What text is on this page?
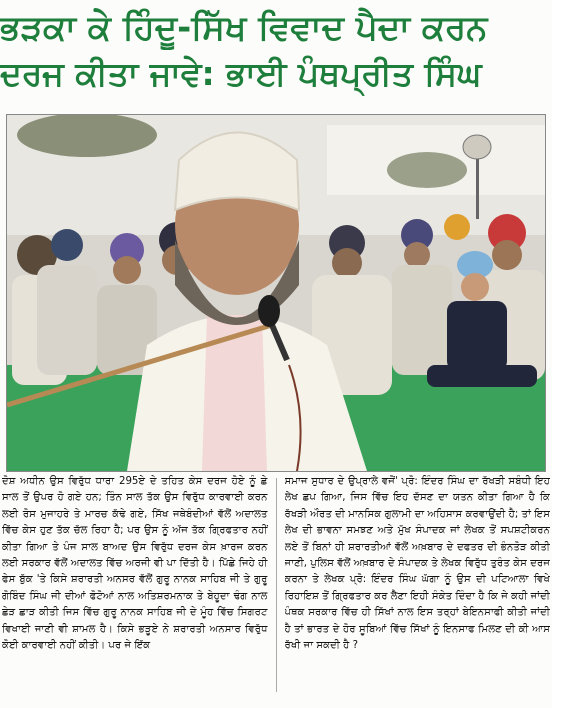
ਭੜਕਾ ਕੇ ਹਿੰਦੂ-ਸਿੱਖ ਵਿਵਾਦ ਪੈਦਾ ਕਰਨ
ਦਰਜ ਕੀਤਾ ਜਾਵੇ: ਭਾਈ ਪੰਥਪ੍ਰੀਤ ਸਿੰਘ
ਦੋਸ਼ ਅਧੀਨ ਉਸ ਵਿਰੁੱਧ ਧਾਰਾ 295ਏ ਦੇ ਤਹਿਤ ਕੇਸ ਦਰਜ ਹੋਏ ਨੂੰ ਛੇ ਸਾਲ ਤੋਂ ਉਪਰ ਹੋ ਗਏ ਹਨ; ਤਿੰਨ ਸਾਲ ਤੱਕ ਉਸ ਵਿਰੁੱਧ ਕਾਰਵਾਈ ਕਰਨ ਲਈ ਰੋਸ ਮੁਜਾਹਰੇ ਤੇ ਮਾਰਚ ਕੱਢੇ ਗਏ, ਸਿੱਖ ਜਥੇਬੰਦੀਆਂ ਵੱਲੋਂ ਅਦਾਲਤ ਵਿੱਚ ਕੇਸ ਹੁਣ ਤੱਕ ਚੱਲ ਰਿਹਾ ਹੈ; ਪਰ ਉਸ ਨੂੰ ਅੱਜ ਤੱਕ ਗ੍ਰਿਫਤਾਰ ਨਹੀਂ ਕੀਤਾ ਗਿਆ ਤੇ ਪੰਜ ਸਾਲ ਬਾਅਦ ਉਸ ਵਿਰੁੱਧ ਦਰਜ ਕੇਸ ਖ਼ਾਰਜ ਕਰਨ ਲਈ ਸਰਕਾਰ ਵੱਲੋਂ ਅਦਾਲਤ ਵਿੱਚ ਅਰਜੀ ਵੀ ਪਾ ਦਿੱਤੀ ਹੈ। ਪਿੱਛੇ ਜਿਹੇ ਹੀ ਫੇਸ ਬੁੱਕ 'ਤੇ ਕਿਸੇ ਸ਼ਰਾਰਤੀ ਅਨਸਰ ਵੱਲੋਂ ਗੁਰੂ ਨਾਨਕ ਸਾਹਿਬ ਜੀ ਤੇ ਗੁਰੂ ਗੋਬਿੰਦ ਸਿੰਘ ਜੀ ਦੀਆਂ ਫੋਟੋਆਂ ਨਾਲ ਅਤਿਸ਼ਰਮਨਾਕ ਤੇ ਬੇਹੂਦਾ ਢੰਗ ਨਾਲ ਛੇੜ ਛਾੜ ਕੀਤੀ ਜਿਸ ਵਿੱਚ ਗੁਰੂ ਨਾਨਕ ਸਾਹਿਬ ਜੀ ਦੇ ਮੂੰਹ ਵਿੱਚ ਸਿਗਰਟ ਵਿਖਾਈ ਜਾਣੀ ਵੀ ਸ਼ਾਮਲ ਹੈ। ਕਿਸੇ ਭੜੂਏ ਨੇ ਸ਼ਰਾਰਤੀ ਅਨਸਾਰ ਵਿਰੁੱਧ ਕੋਈ ਕਾਰਵਾਈ ਨਹੀਂ ਕੀਤੀ। ਪਰ ਜੇ ਇੱਕ
ਸਮਾਜ ਸੁਧਾਰ ਦੇ ਉਪ੍ਰਾਲੇ ਵਜੋਂ' ਪ੍ਰੋ: ਇੰਦਰ ਸਿੰਘ ਦਾ ਰੱਖੜੀ ਸਬੰਧੀ ਇਹ ਲੇਖ ਛਪ ਗਿਆ, ਜਿਸ ਵਿੱਚ ਇਹ ਦੱਸਣ ਦਾ ਯਤਨ ਕੀਤਾ ਗਿਆ ਹੈ ਕਿ ਰੱਖੜੀ ਔਰਤ ਦੀ ਮਾਨਸਿਕ ਗੁਲਾਮੀ ਦਾ ਅਹਿਸਾਸ ਕਰਵਾਉਂਦੀ ਹੈ; ਤਾਂ ਇਸ ਲੇਖ ਦੀ ਭਾਵਨਾ ਸਮਝਣ ਅਤੇ ਮੁੱਖ ਸੰਪਾਦਕ ਜਾਂ ਲੇਖਕ ਤੋਂ ਸਪਸ਼ਟੀਕਰਨ ਲਏ ਤੋਂ ਬਿਨਾਂ ਹੀ ਸ਼ਰਾਰਤੀਆਂ ਵੱਲੋਂ ਅਖ਼ਬਾਰ ਦੇ ਦਫਤਰ ਦੀ ਭੰਨਤੋੜ ਕੀਤੀ ਜਾਣੀ, ਪੁਲਿਸ ਵੱਲੋਂ ਅਖ਼ਬਾਰ ਦੇ ਸੰਪਾਦਕ ਤੇ ਲੇਖਕ ਵਿਰੁੱਧ ਤੁਰੰਤ ਕੇਸ ਦਰਜ ਕਰਨਾ ਤੇ ਲੇਖਕ ਪ੍ਰੋ: ਇੰਦਰ ਸਿੰਘ ਘੱਗਾ ਨੂੰ ਉਸ ਦੀ ਪਟਿਆਲਾ ਵਿਖੇ ਰਿਹਾਇਸ਼ ਤੋਂ ਗ੍ਰਿਫਤਾਰ ਕਰ ਲੈਣਾ ਇਹੀ ਸੰਕੇਤ ਦਿੰਦਾ ਹੈ ਕਿ ਜੇ ਕਹੀ ਜਾਂਦੀ ਪੰਥਕ ਸਰਕਾਰ ਵਿੱਚ ਹੀ ਸਿੱਖਾਂ ਨਾਲ ਇਸ ਤਰ੍ਹਾਂ ਬੇਇਨਸਾਫੀ ਕੀਤੀ ਜਾਂਦੀ ਹੈ ਤਾਂ ਭਾਰਤ ਦੇ ਹੋਰ ਸੂਬਿਆਂ ਵਿੱਚ ਸਿੱਖਾਂ ਨੂੰ ਇਨਸਾਫ ਮਿਲਣ ਦੀ ਕੀ ਆਸ ਰੱਖੀ ਜਾ ਸਕਦੀ ਹੈ ?
